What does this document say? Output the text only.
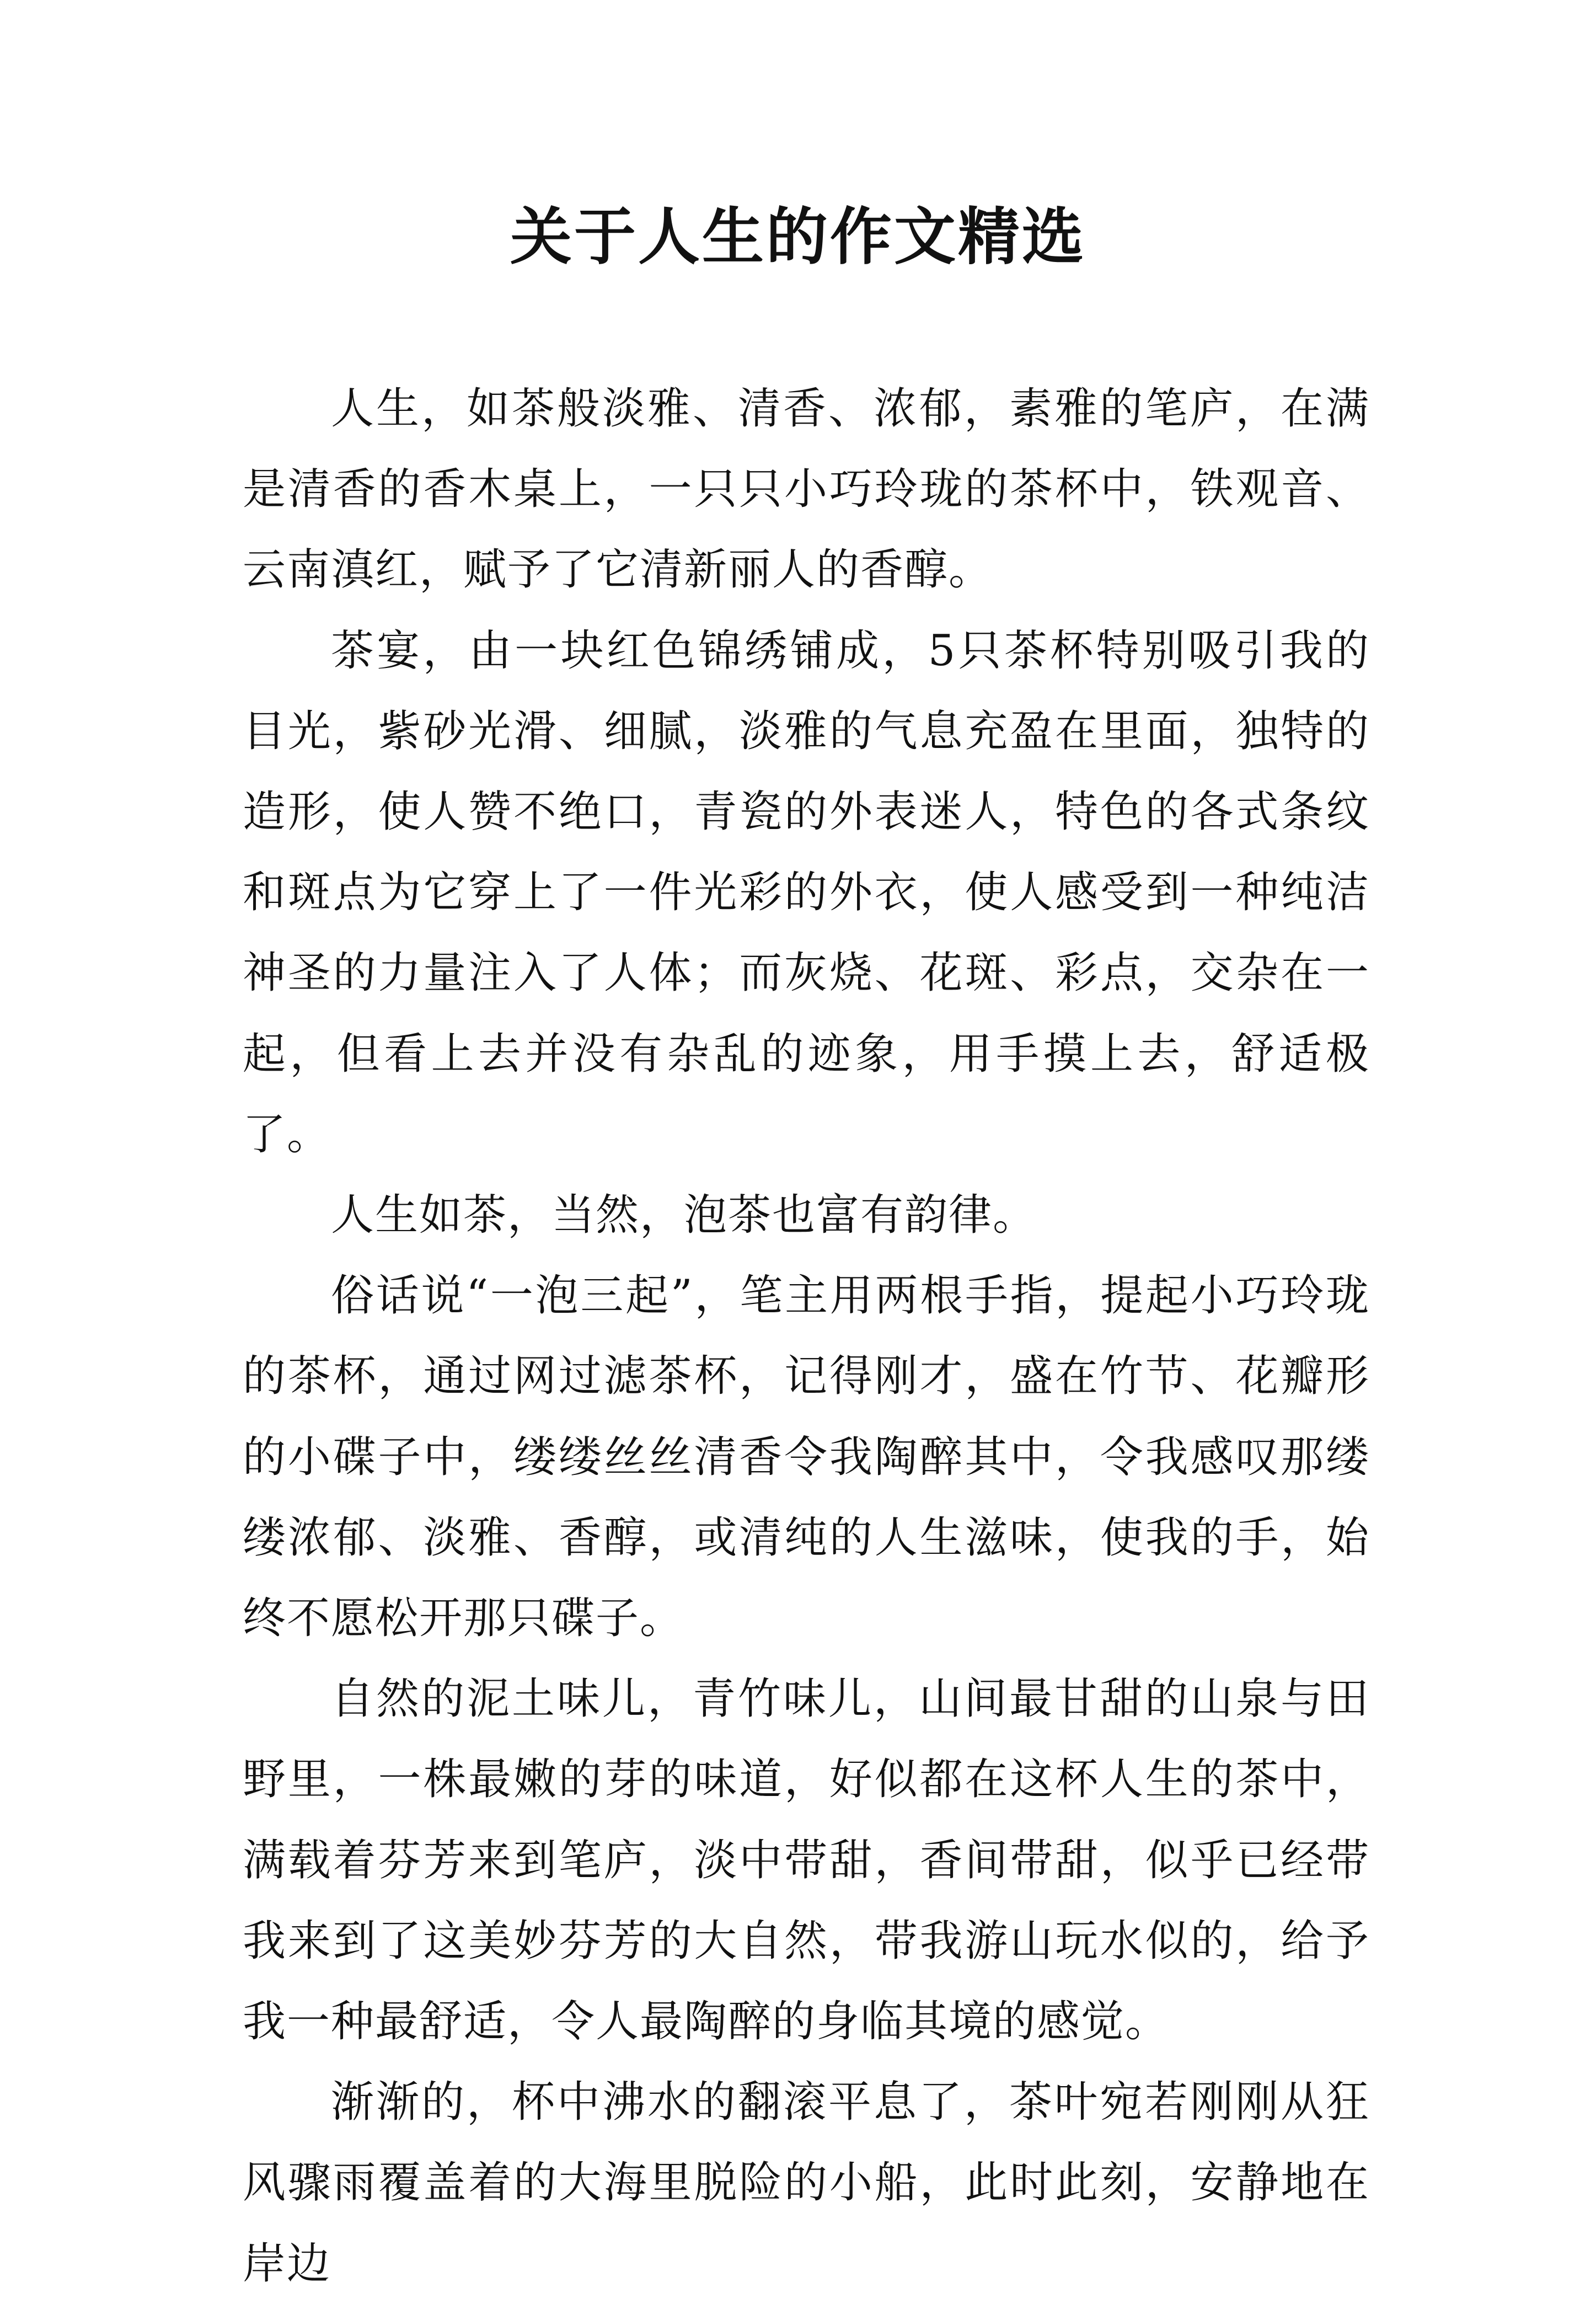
关于人生的作文精选

人生，如茶般淡雅、清香、浓郁，素雅的笔庐，在满是清香的香木桌上，一只只小巧玲珑的茶杯中，铁观音、云南滇红，赋予了它清新丽人的香醇。

茶宴，由一块红色锦绣铺成，5只茶杯特别吸引我的目光，紫砂光滑、细腻，淡雅的气息充盈在里面，独特的造形，使人赞不绝口，青瓷的外表迷人，特色的各式条纹和斑点为它穿上了一件光彩的外衣，使人感受到一种纯洁神圣的力量注入了人体；而灰烧、花斑、彩点，交杂在一起，但看上去并没有杂乱的迹象，用手摸上去，舒适极了。

人生如茶，当然，泡茶也富有韵律。

俗话说“一泡三起”，笔主用两根手指，提起小巧玲珑的茶杯，通过网过滤茶杯，记得刚才，盛在竹节、花瓣形的小碟子中，缕缕丝丝清香令我陶醉其中，令我感叹那缕缕浓郁、淡雅、香醇，或清纯的人生滋味，使我的手，始终不愿松开那只碟子。

自然的泥土味儿，青竹味儿，山间最甘甜的山泉与田野里，一株最嫩的芽的味道，好似都在这杯人生的茶中，满载着芬芳来到笔庐，淡中带甜，香间带甜，似乎已经带我来到了这美妙芬芳的大自然，带我游山玩水似的，给予我一种最舒适，令人最陶醉的身临其境的感觉。

渐渐的，杯中沸水的翻滚平息了，茶叶宛若刚刚从狂风骤雨覆盖着的大海里脱险的小船，此时此刻，安静地在岸边
